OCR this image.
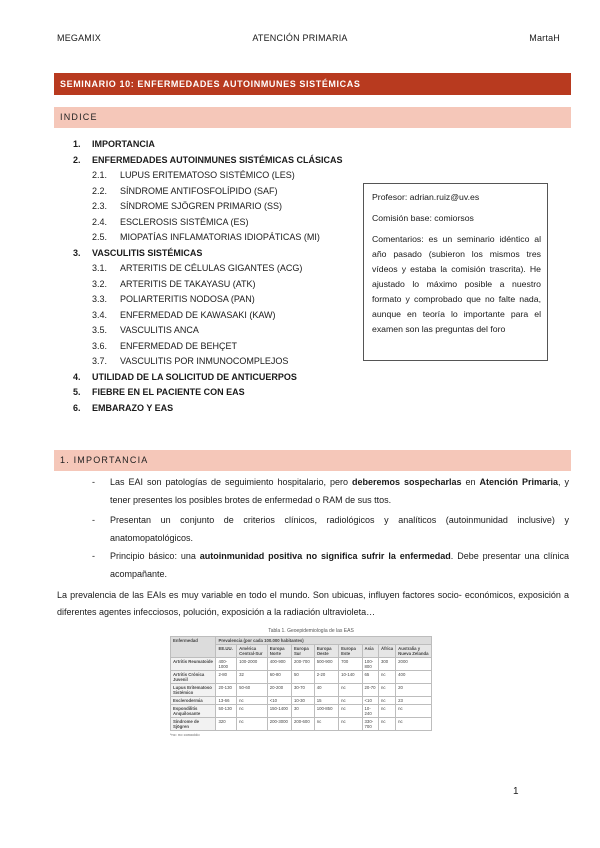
MEGAMIX	ATENCIÓN PRIMARIA	MartaH
SEMINARIO 10: ENFERMEDADES AUTOINMUNES SISTÉMICAS
INDICE
1. IMPORTANCIA
2. ENFERMEDADES AUTOINMUNES SISTÉMICAS CLÁSICAS
2.1. LUPUS ERITEMATOSO SISTÉMICO (LES)
2.2. SÍNDROME ANTIFOSFOLÍPIDO (SAF)
2.3. SÍNDROME SJÖGREN PRIMARIO (SS)
2.4. ESCLEROSIS SISTÉMICA (ES)
2.5. MIOPATÍAS INFLAMATORIAS IDIOPÁTICAS (MI)
3. VASCULITIS SISTÉMICAS
3.1. ARTERITIS DE CÉLULAS GIGANTES (ACG)
3.2. ARTERITIS DE TAKAYASU (ATK)
3.3. POLIARTERITIS NODOSA (PAN)
3.4. ENFERMEDAD DE KAWASAKI (KAW)
3.5. VASCULITIS ANCA
3.6. ENFERMEDAD DE BEHÇET
3.7. VASCULITIS POR INMUNOCOMPLEJOS
4. UTILIDAD DE LA SOLICITUD DE ANTICUERPOS
5. FIEBRE EN EL PACIENTE CON EAS
6. EMBARAZO Y EAS

Profesor: adrian.ruiz@uv.es

Comisión base: comiorsos

Comentarios: es un seminario idéntico al año pasado (subieron los mismos tres vídeos y estaba la comisión trascrita). He ajustado lo máximo posible a nuestro formato y comprobado que no falte nada, aunque en teoría lo importante para el examen son las preguntas del foro

1. IMPORTANCIA
- Las EAI son patologías de seguimiento hospitalario, pero deberemos sospecharlas en Atención Primaria, y tener presentes los posibles brotes de enfermedad o RAM de sus ttos.
- Presentan un conjunto de criterios clínicos, radiológicos y analíticos (autoinmunidad inclusive) y anatomopatológicos.
- Principio básico: una autoinmunidad positiva no significa sufrir la enfermedad. Debe presentar una clínica acompañante.
La prevalencia de las EAIs es muy variable en todo el mundo. Son ubicuas, influyen factores socio- económicos, exposición a diferentes agentes infecciosos, polución, exposición a la radiación ultravioleta…
Tabla 1. Geoepidemiología de las EAS
Enfermedad	Prevalencia (por cada 100.000 habitantes)								
	EE.UU.	América Central-Sur	Europa Norte	Europa Sur	Europa Oeste	Europa Este	Asia	África	Australia y Nueva Zelanda
Artritis Reumatoide	400-1000	100-2000	400-900	200-700	500-900	700	100-800	300	2000
Artritis Crónica Juvenil	2-80	32	60-80	50	2-20	10-140	65	nc	400
Lupus Eritematoso Sistémico	20-130	50-60	20-200	30-70	40	nc	20-70	nc	20
Esclerodermia	13-66	nc	<10	10-30	15	nc	<10	nc	23
Espondilitis Anquilosante	50-130	nc	150-1400	30	100-850	nc	10-240	nc	nc
Síndrome de Sjögren	320	nc	200-3000	200-600	nc	nc	330-700	nc	nc
*nc: no conocido
1
